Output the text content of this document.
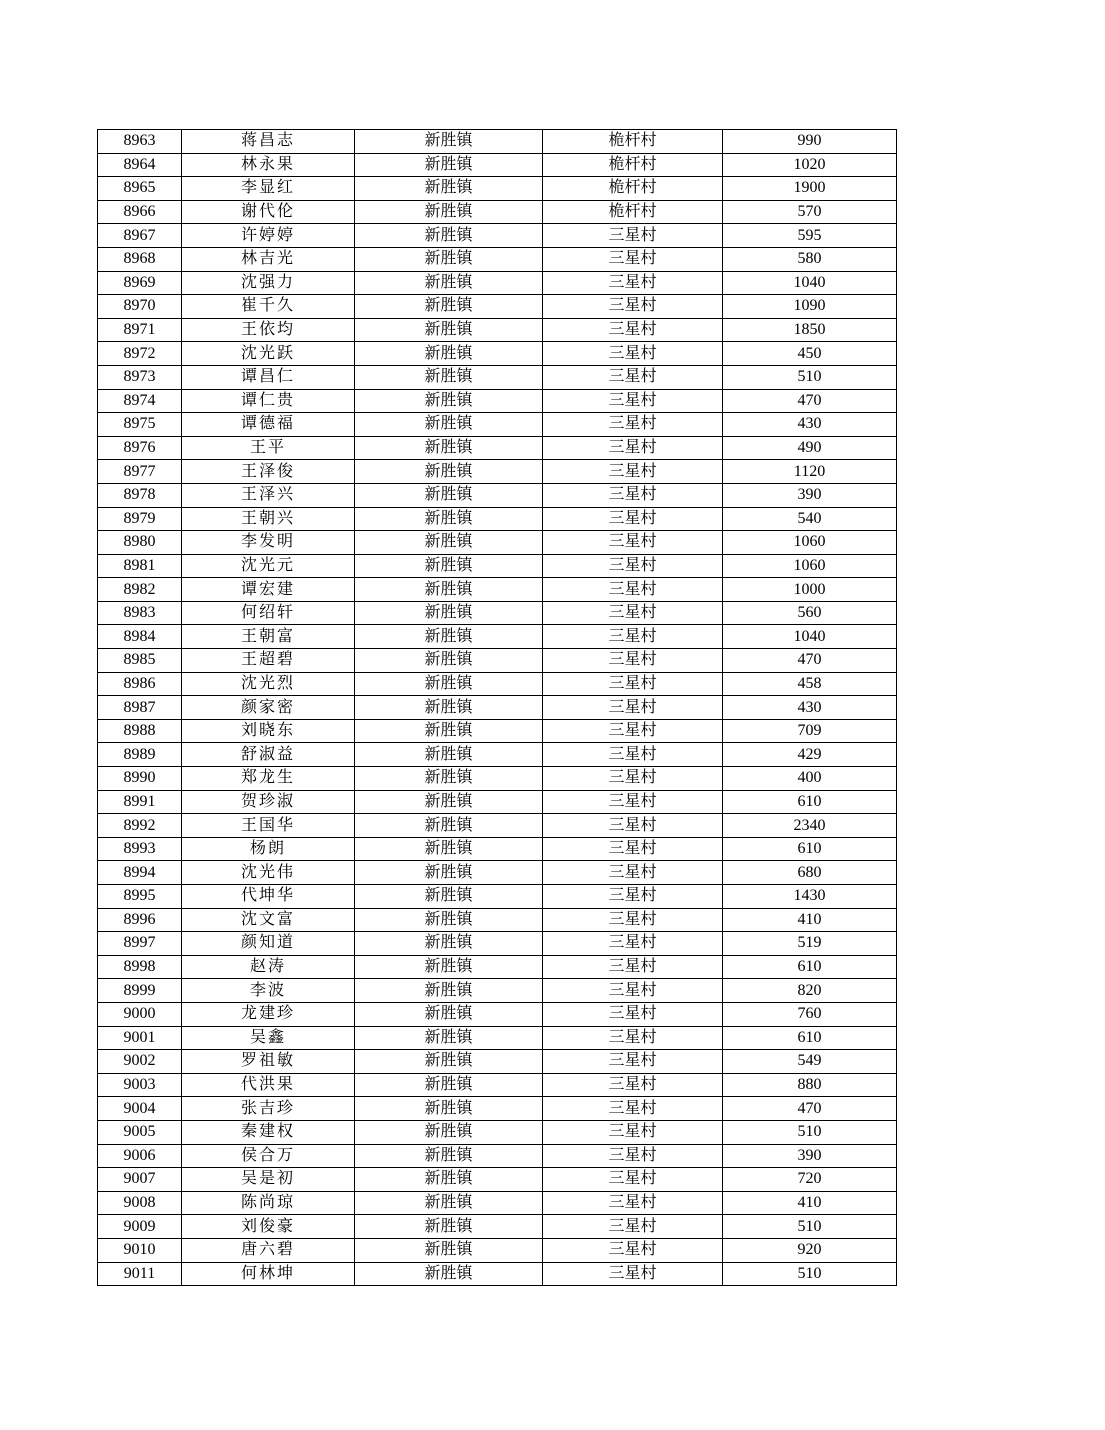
8963	蒋昌志	新胜镇	桅杆村	990
8964	林永果	新胜镇	桅杆村	1020
8965	李显红	新胜镇	桅杆村	1900
8966	谢代伦	新胜镇	桅杆村	570
8967	许婷婷	新胜镇	三星村	595
8968	林吉光	新胜镇	三星村	580
8969	沈强力	新胜镇	三星村	1040
8970	崔千久	新胜镇	三星村	1090
8971	王依均	新胜镇	三星村	1850
8972	沈光跃	新胜镇	三星村	450
8973	谭昌仁	新胜镇	三星村	510
8974	谭仁贵	新胜镇	三星村	470
8975	谭德福	新胜镇	三星村	430
8976	王平	新胜镇	三星村	490
8977	王泽俊	新胜镇	三星村	1120
8978	王泽兴	新胜镇	三星村	390
8979	王朝兴	新胜镇	三星村	540
8980	李发明	新胜镇	三星村	1060
8981	沈光元	新胜镇	三星村	1060
8982	谭宏建	新胜镇	三星村	1000
8983	何绍轩	新胜镇	三星村	560
8984	王朝富	新胜镇	三星村	1040
8985	王超碧	新胜镇	三星村	470
8986	沈光烈	新胜镇	三星村	458
8987	颜家密	新胜镇	三星村	430
8988	刘晓东	新胜镇	三星村	709
8989	舒淑益	新胜镇	三星村	429
8990	郑龙生	新胜镇	三星村	400
8991	贺珍淑	新胜镇	三星村	610
8992	王国华	新胜镇	三星村	2340
8993	杨朗	新胜镇	三星村	610
8994	沈光伟	新胜镇	三星村	680
8995	代坤华	新胜镇	三星村	1430
8996	沈文富	新胜镇	三星村	410
8997	颜知道	新胜镇	三星村	519
8998	赵涛	新胜镇	三星村	610
8999	李波	新胜镇	三星村	820
9000	龙建珍	新胜镇	三星村	760
9001	吴鑫	新胜镇	三星村	610
9002	罗祖敏	新胜镇	三星村	549
9003	代洪果	新胜镇	三星村	880
9004	张吉珍	新胜镇	三星村	470
9005	秦建权	新胜镇	三星村	510
9006	侯合万	新胜镇	三星村	390
9007	吴是初	新胜镇	三星村	720
9008	陈尚琼	新胜镇	三星村	410
9009	刘俊豪	新胜镇	三星村	510
9010	唐六碧	新胜镇	三星村	920
9011	何林坤	新胜镇	三星村	510
